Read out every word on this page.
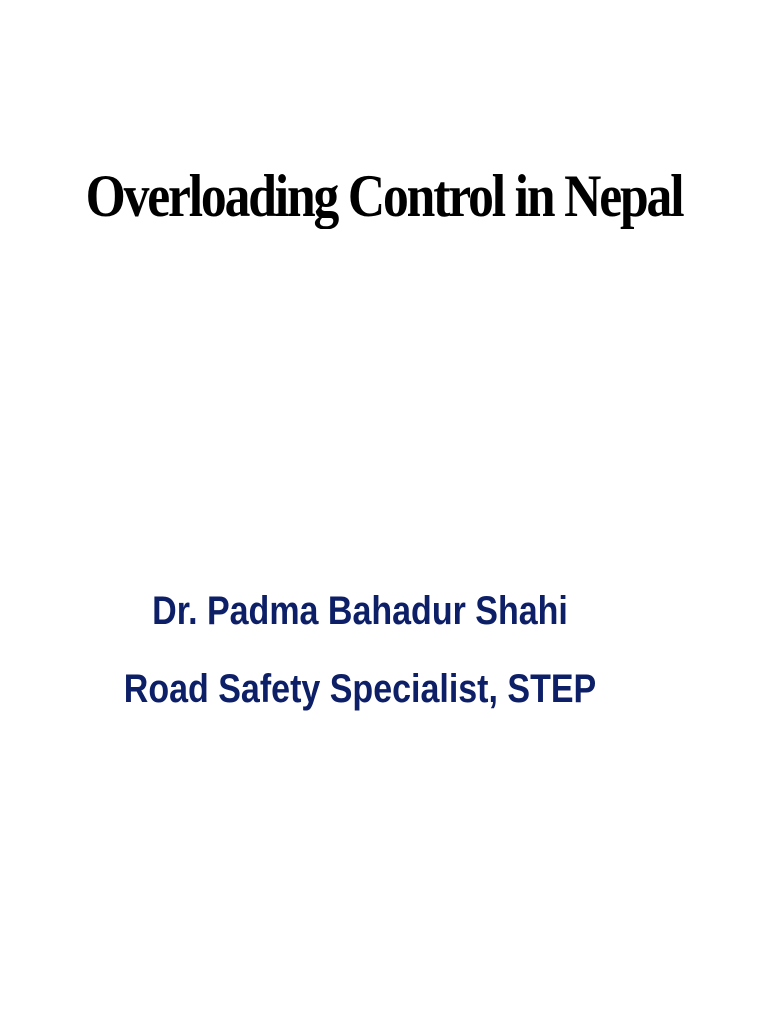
Overloading Control in Nepal
Dr. Padma Bahadur Shahi
Road Safety Specialist, STEP
